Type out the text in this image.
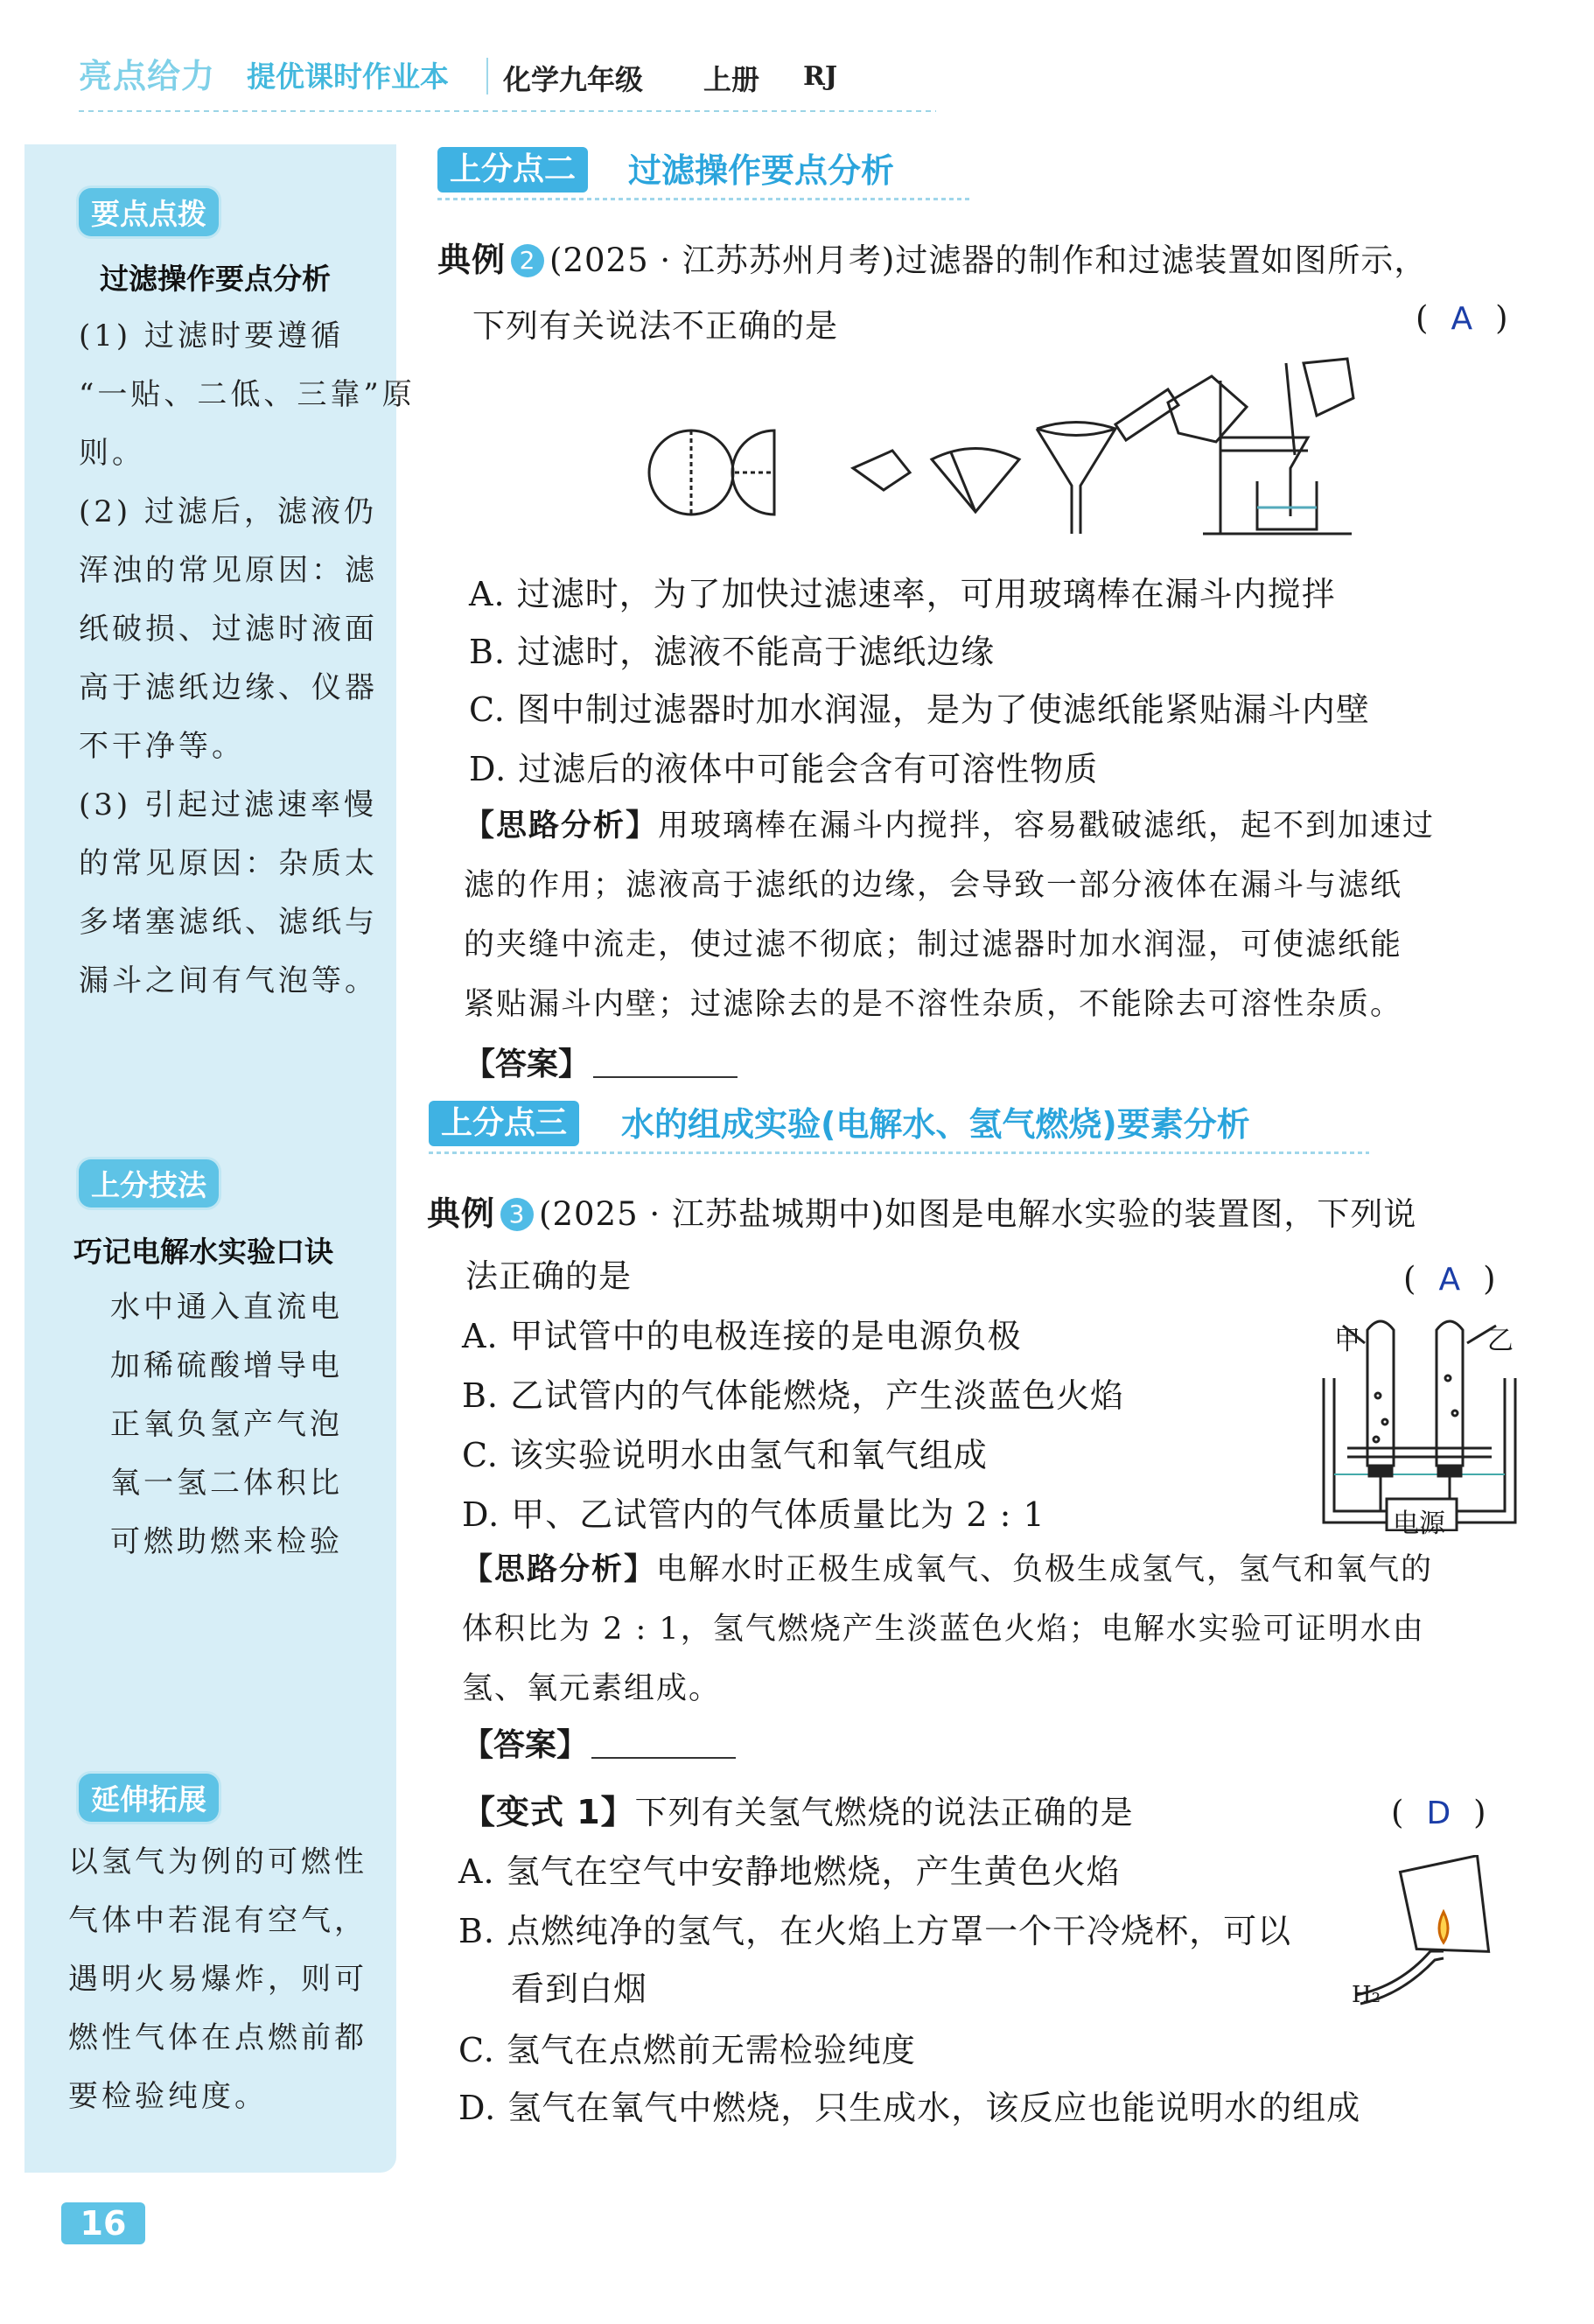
亮点给力 提优课时作业本 化学九年级 上册 RJ
要点点拨
过滤操作要点分析
(1) 过滤时要遵循
“一贴、二低、三靠”原
则。
(2) 过滤后，滤液仍
浑浊的常见原因：滤
纸破损、过滤时液面
高于滤纸边缘、仪器
不干净等。
(3) 引起过滤速率慢
的常见原因：杂质太
多堵塞滤纸、滤纸与
漏斗之间有气泡等。
上分技法
巧记电解水实验口诀
水中通入直流电
加稀硫酸增导电
正氧负氢产气泡
氧一氢二体积比
可燃助燃来检验
延伸拓展
以氢气为例的可燃性
气体中若混有空气，
遇明火易爆炸，则可
燃性气体在点燃前都
要检验纯度。
上分点二	过滤操作要点分析
典例 2 (2025 · 江苏苏州月考)过滤器的制作和过滤装置如图所示，
下列有关说法不正确的是	( A )
A. 过滤时，为了加快过滤速率，可用玻璃棒在漏斗内搅拌
B. 过滤时，滤液不能高于滤纸边缘
C. 图中制过滤器时加水润湿，是为了使滤纸能紧贴漏斗内壁
D. 过滤后的液体中可能会含有可溶性物质
【思路分析】用玻璃棒在漏斗内搅拌，容易戳破滤纸，起不到加速过
滤的作用；滤液高于滤纸的边缘，会导致一部分液体在漏斗与滤纸
的夹缝中流走，使过滤不彻底；制过滤器时加水润湿，可使滤纸能
紧贴漏斗内壁；过滤除去的是不溶性杂质，不能除去可溶性杂质。
【答案】
上分点三	水的组成实验(电解水、氢气燃烧)要素分析
典例 3 (2025 · 江苏盐城期中)如图是电解水实验的装置图，下列说
法正确的是	( A )
A. 甲试管中的电极连接的是电源负极
B. 乙试管内的气体能燃烧，产生淡蓝色火焰
C. 该实验说明水由氢气和氧气组成
D. 甲、乙试管内的气体质量比为 2 : 1
甲	乙
电源
【思路分析】电解水时正极生成氧气、负极生成氢气，氢气和氧气的
体积比为 2 : 1，氢气燃烧产生淡蓝色火焰；电解水实验可证明水由
氢、氧元素组成。
【答案】
【变式 1】下列有关氢气燃烧的说法正确的是	( D )
A. 氢气在空气中安静地燃烧，产生黄色火焰
B. 点燃纯净的氢气，在火焰上方罩一个干冷烧杯，可以
看到白烟
C. 氢气在点燃前无需检验纯度
D. 氢气在氧气中燃烧，只生成水，该反应也能说明水的组成
H₂
16
